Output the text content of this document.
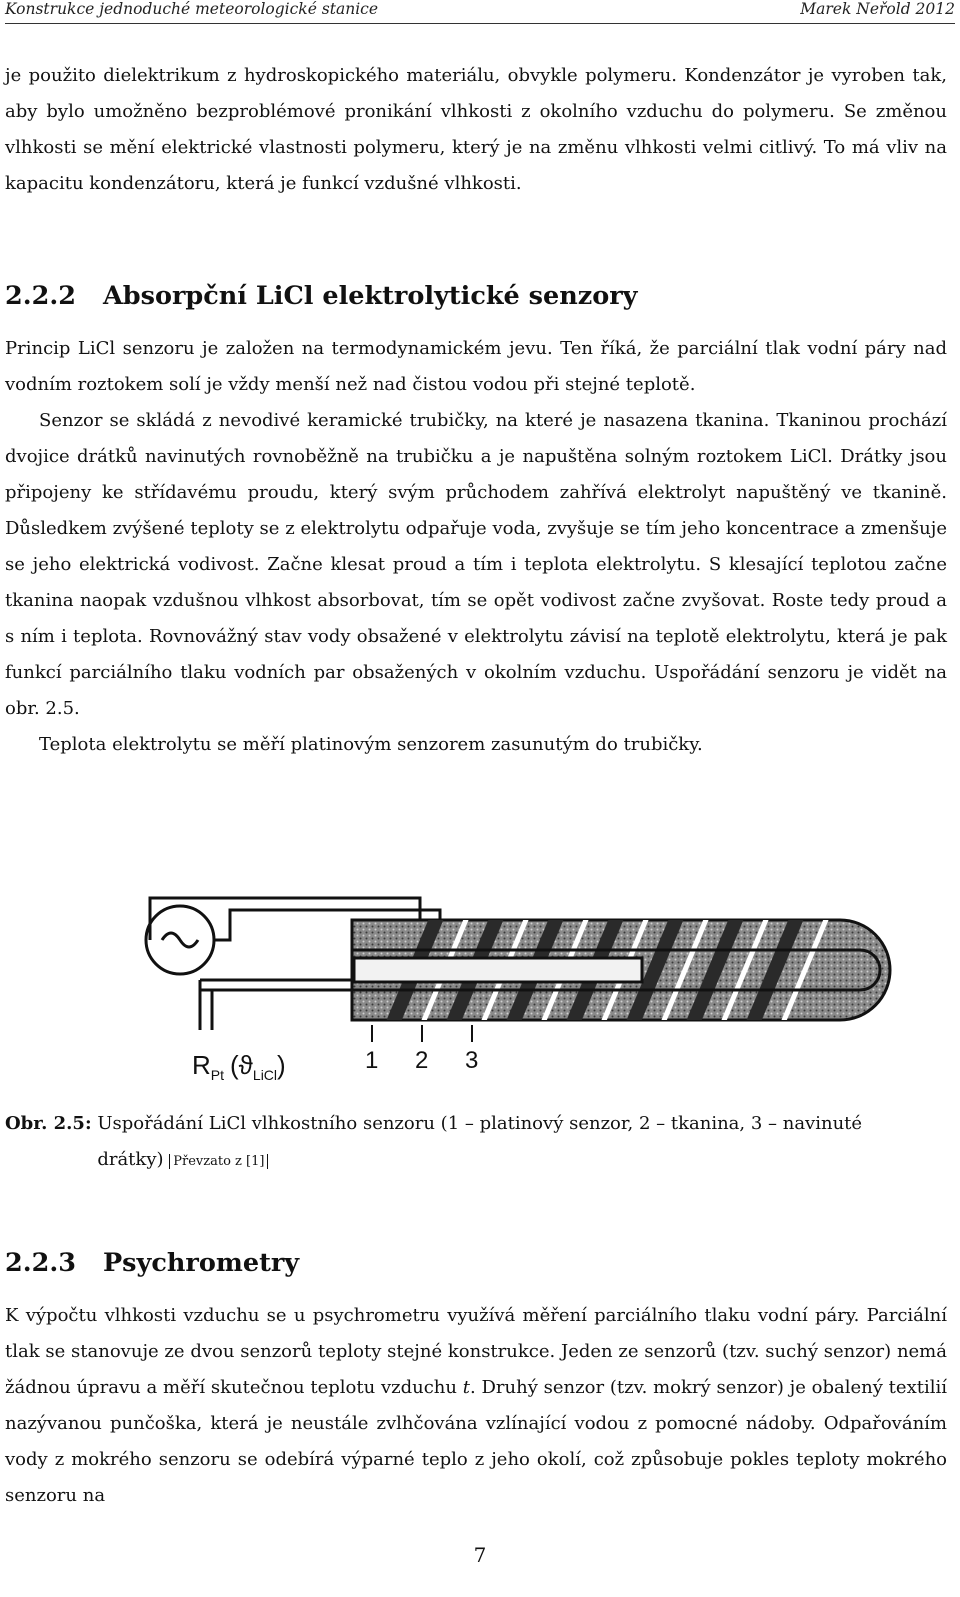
Konstrukce jednoduché meteorologické stanice	Marek Neřold 2012

je použito dielektrikum z hydroskopického materiálu, obvykle polymeru. Kondenzátor je vyroben tak, aby bylo umožněno bezproblémové pronikání vlhkosti z okolního vzduchu do polymeru. Se změnou vlhkosti se mění elektrické vlastnosti polymeru, který je na změnu vlhkosti velmi citlivý. To má vliv na kapacitu kondenzátoru, která je funkcí vzdušné vlhkosti.

2.2.2 Absorpční LiCl elektrolytické senzory

Princip LiCl senzoru je založen na termodynamickém jevu. Ten říká, že parciální tlak vodní páry nad vodním roztokem solí je vždy menší než nad čistou vodou při stejné teplotě.

Senzor se skládá z nevodivé keramické trubičky, na které je nasazena tkanina. Tkaninou prochází dvojice drátků navinutých rovnoběžně na trubičku a je napuštěna solným roztokem LiCl. Drátky jsou připojeny ke střídavému proudu, který svým průchodem zahřívá elektrolyt napuštěný ve tkanině. Důsledkem zvýšené teploty se z elektrolytu odpařuje voda, zvyšuje se tím jeho koncentrace a zmenšuje se jeho elektrická vodivost. Začne klesat proud a tím i teplota elektrolytu. S klesající teplotou začne tkanina naopak vzdušnou vlhkost absorbovat, tím se opět vodivost začne zvyšovat. Roste tedy proud a s ním i teplota. Rovnovážný stav vody obsažené v elektrolytu závisí na teplotě elektrolytu, která je pak funkcí parciálního tlaku vodních par obsažených v okolním vzduchu. Uspořádání senzoru je vidět na obr. 2.5.

Teplota elektrolytu se měří platinovým senzorem zasunutým do trubičky.

1 2 3
$R_{Pt}$ $(ϑ_{LiCl})$
Obr. 2.5: Uspořádání LiCl vlhkostního senzoru (1 – platinový senzor, 2 – tkanina, 3 – navinuté drátky) Převzato z [1]
2.2.3 Psychrometry

K výpočtu vlhkosti vzduchu se u psychrometru využívá měření parciálního tlaku vodní páry. Parciální tlak se stanovuje ze dvou senzorů teploty stejné konstrukce. Jeden ze senzorů (tzv. suchý senzor) nemá žádnou úpravu a měří skutečnou teplotu vzduchu t. Druhý senzor (tzv. mokrý senzor) je obalený textilií nazývanou punčoška, která je neustále zvlhčována vzlínající vodou z pomocné nádoby. Odpařováním vody z mokrého senzoru se odebírá výparné teplo z jeho okolí, což způsobuje pokles teploty mokrého senzoru na

7
